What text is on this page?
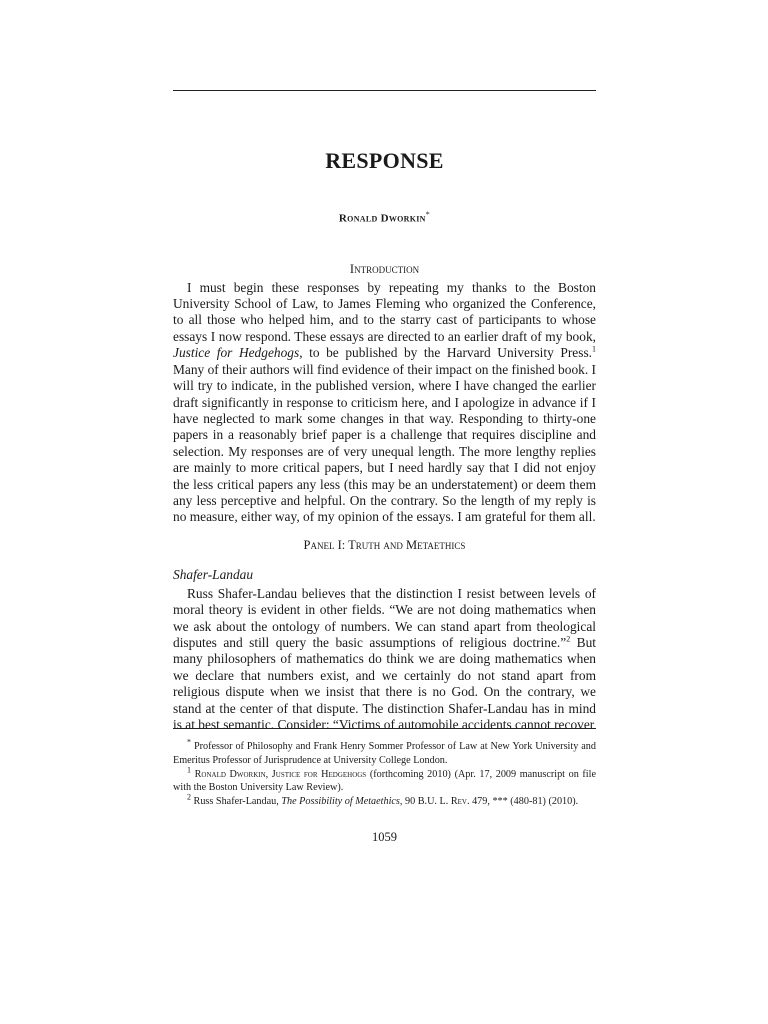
RESPONSE
Ronald Dworkin*
Introduction

I must begin these responses by repeating my thanks to the Boston University School of Law, to James Fleming who organized the Conference, to all those who helped him, and to the starry cast of participants to whose essays I now respond. These essays are directed to an earlier draft of my book, Justice for Hedgehogs, to be published by the Harvard University Press.$^1$ Many of their authors will find evidence of their impact on the finished book. I will try to indicate, in the published version, where I have changed the earlier draft significantly in response to criticism here, and I apologize in advance if I have neglected to mark some changes in that way. Responding to thirty-one papers in a reasonably brief paper is a challenge that requires discipline and selection. My responses are of very unequal length. The more lengthy replies are mainly to more critical papers, but I need hardly say that I did not enjoy the less critical papers any less (this may be an understatement) or deem them any less perceptive and helpful. On the contrary. So the length of my reply is no measure, either way, of my opinion of the essays. I am grateful for them all.

Panel I: Truth and Metaethics
Shafer-Landau

Russ Shafer-Landau believes that the distinction I resist between levels of moral theory is evident in other fields. “We are not doing mathematics when we ask about the ontology of numbers. We can stand apart from theological disputes and still query the basic assumptions of religious doctrine.”$^2$ But many philosophers of mathematics do think we are doing mathematics when we declare that numbers exist, and we certainly do not stand apart from religious dispute when we insist that there is no God. On the contrary, we stand at the center of that dispute. The distinction Shafer-Landau has in mind is at best semantic. Consider: “Victims of automobile accidents cannot recover

* Professor of Philosophy and Frank Henry Sommer Professor of Law at New York University and Emeritus Professor of Jurisprudence at University College London.

$^1$ Ronald Dworkin, Justice for Hedgehogs (forthcoming 2010) (Apr. 17, 2009 manuscript on file with the Boston University Law Review).

$^2$ Russ Shafer-Landau, The Possibility of Metaethics, 90 B.U. L. Rev. 479, *** (480-81) (2010).

1059
